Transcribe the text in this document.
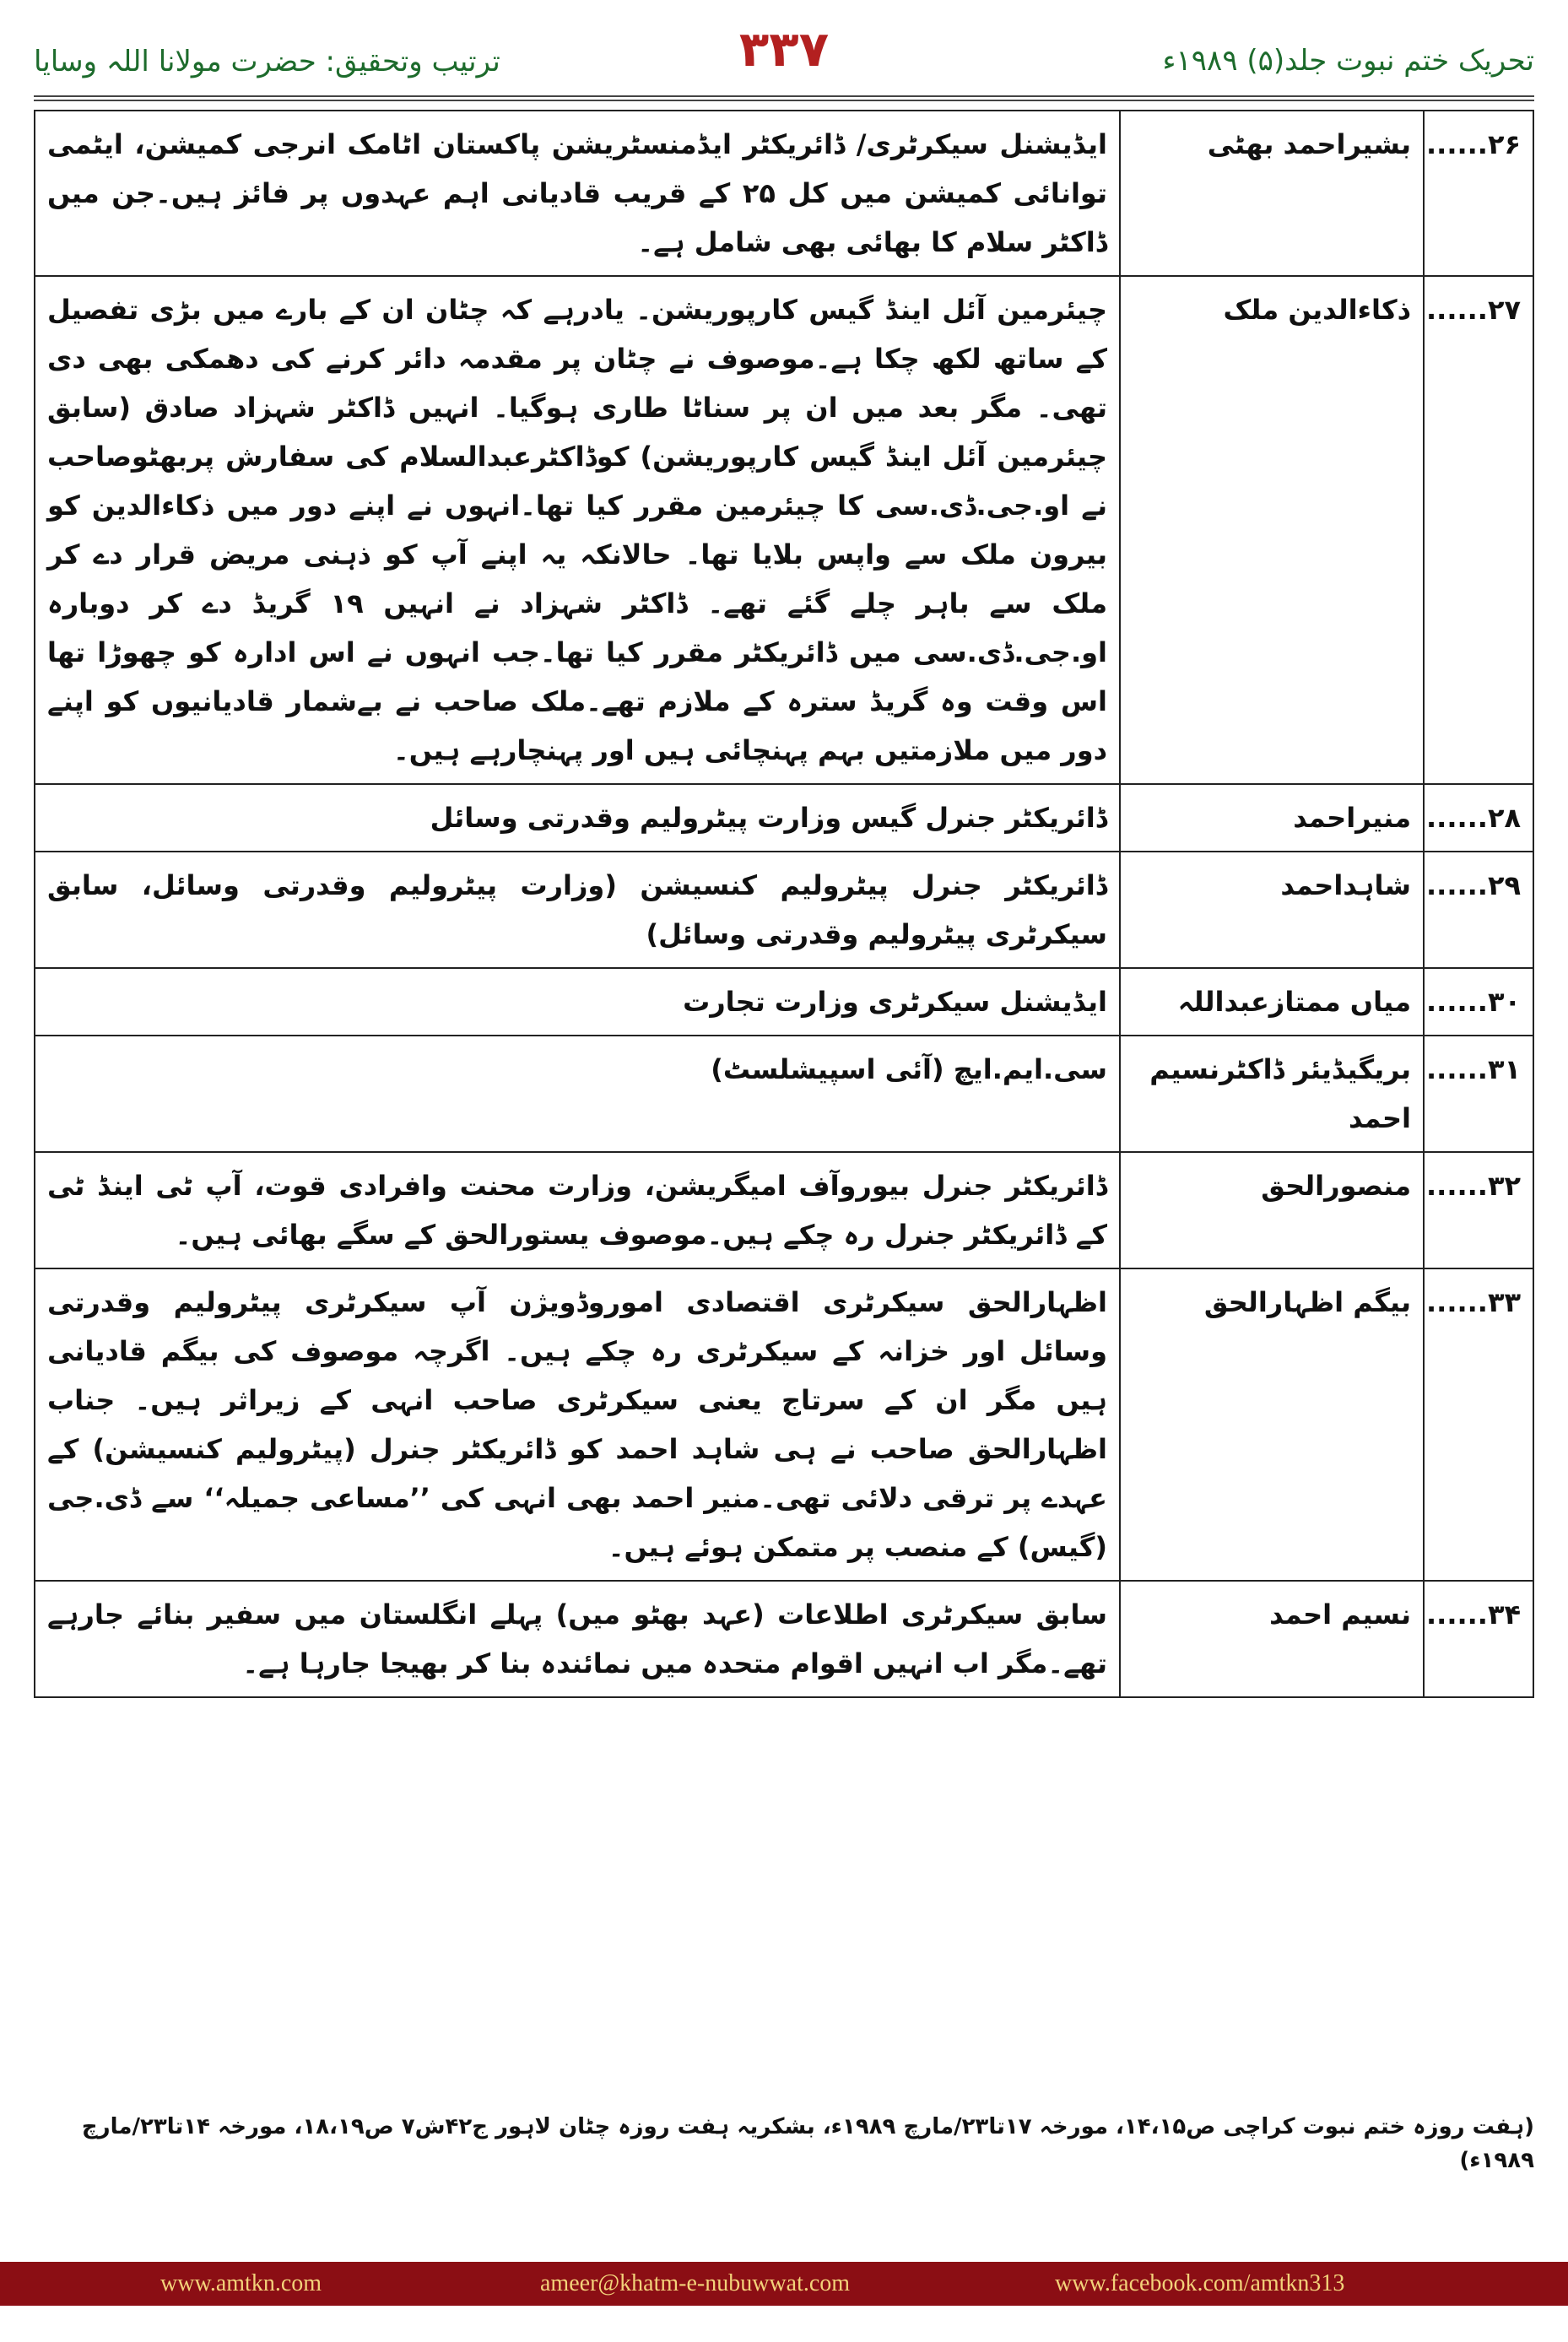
ترتیب وتحقیق: حضرت مولانا اللہ وسایا	۳۳۷	تحریک ختم نبوت جلد(۵) ۱۹۸۹ء
۲۶......	بشیراحمد بھٹی	ایڈیشنل سیکرٹری/ ڈائریکٹر ایڈمنسٹریشن پاکستان اٹامک انرجی کمیشن، ایٹمی توانائی کمیشن میں کل ۲۵ کے قریب قادیانی اہم عہدوں پر فائز ہیں۔جن میں ڈاکٹر سلام کا بھائی بھی شامل ہے۔
۲۷......	ذکاءالدین ملک	چیئرمین آئل اینڈ گیس کارپوریشن۔ یادرہے کہ چٹان ان کے بارے میں بڑی تفصیل کے ساتھ لکھ چکا ہے۔موصوف نے چٹان پر مقدمہ دائر کرنے کی دھمکی بھی دی تھی۔ مگر بعد میں ان پر سناٹا طاری ہوگیا۔ انہیں ڈاکٹر شہزاد صادق (سابق چیئرمین آئل اینڈ گیس کارپوریشن) کوڈاکٹرعبدالسلام کی سفارش پربھٹوصاحب نے او.جی.ڈی.سی کا چیئرمین مقرر کیا تھا۔انہوں نے اپنے دور میں ذکاءالدین کو بیرون ملک سے واپس بلایا تھا۔ حالانکہ یہ اپنے آپ کو ذہنی مریض قرار دے کر ملک سے باہر چلے گئے تھے۔ ڈاکٹر شہزاد نے انہیں ۱۹ گریڈ دے کر دوبارہ او.جی.ڈی.سی میں ڈائریکٹر مقرر کیا تھا۔جب انہوں نے اس ادارہ کو چھوڑا تھا اس وقت وہ گریڈ سترہ کے ملازم تھے۔ملک صاحب نے بےشمار قادیانیوں کو اپنے دور میں ملازمتیں بہم پہنچائی ہیں اور پہنچارہے ہیں۔
۲۸......	منیراحمد	ڈائریکٹر جنرل گیس وزارت پیٹرولیم وقدرتی وسائل
۲۹......	شاہداحمد	ڈائریکٹر جنرل پیٹرولیم کنسیشن (وزارت پیٹرولیم وقدرتی وسائل، سابق سیکرٹری پیٹرولیم وقدرتی وسائل)
۳۰......	میاں ممتازعبداللہ	ایڈیشنل سیکرٹری وزارت تجارت
۳۱......	بریگیڈیئر ڈاکٹرنسیم احمد	سی.ایم.ایچ (آئی اسپیشلسٹ)
۳۲......	منصورالحق	ڈائریکٹر جنرل بیوروآف امیگریشن، وزارت محنت وافرادی قوت، آپ ٹی اینڈ ٹی کے ڈائریکٹر جنرل رہ چکے ہیں۔موصوف یستورالحق کے سگے بھائی ہیں۔
۳۳......	بیگم اظہارالحق	اظہارالحق سیکرٹری اقتصادی اموروڈویژن آپ سیکرٹری پیٹرولیم وقدرتی وسائل اور خزانہ کے سیکرٹری رہ چکے ہیں۔ اگرچہ موصوف کی بیگم قادیانی ہیں مگر ان کے سرتاج یعنی سیکرٹری صاحب انہی کے زیراثر ہیں۔ جناب اظہارالحق صاحب نے ہی شاہد احمد کو ڈائریکٹر جنرل (پیٹرولیم کنسیشن) کے عہدے پر ترقی دلائی تھی۔منیر احمد بھی انہی کی ’’مساعی جمیلہ‘‘ سے ڈی.جی (گیس) کے منصب پر متمکن ہوئے ہیں۔
۳۴......	نسیم احمد	سابق سیکرٹری اطلاعات (عہد بھٹو میں) پہلے انگلستان میں سفیر بنائے جارہے تھے۔مگر اب انہیں اقوام متحدہ میں نمائندہ بنا کر بھیجا جارہا ہے۔
(ہفت روزہ ختم نبوت کراچی ص۱۴،۱۵، مورخہ ۱۷تا۲۳/مارچ ۱۹۸۹ء، بشکریہ ہفت روزہ چٹان لاہور ج۴۲ش۷ ص۱۸،۱۹، مورخہ ۱۴تا۲۳/مارچ ۱۹۸۹ء)
www.amtkn.com	ameer@khatm-e-nubuwwat.com	www.facebook.com/amtkn313
